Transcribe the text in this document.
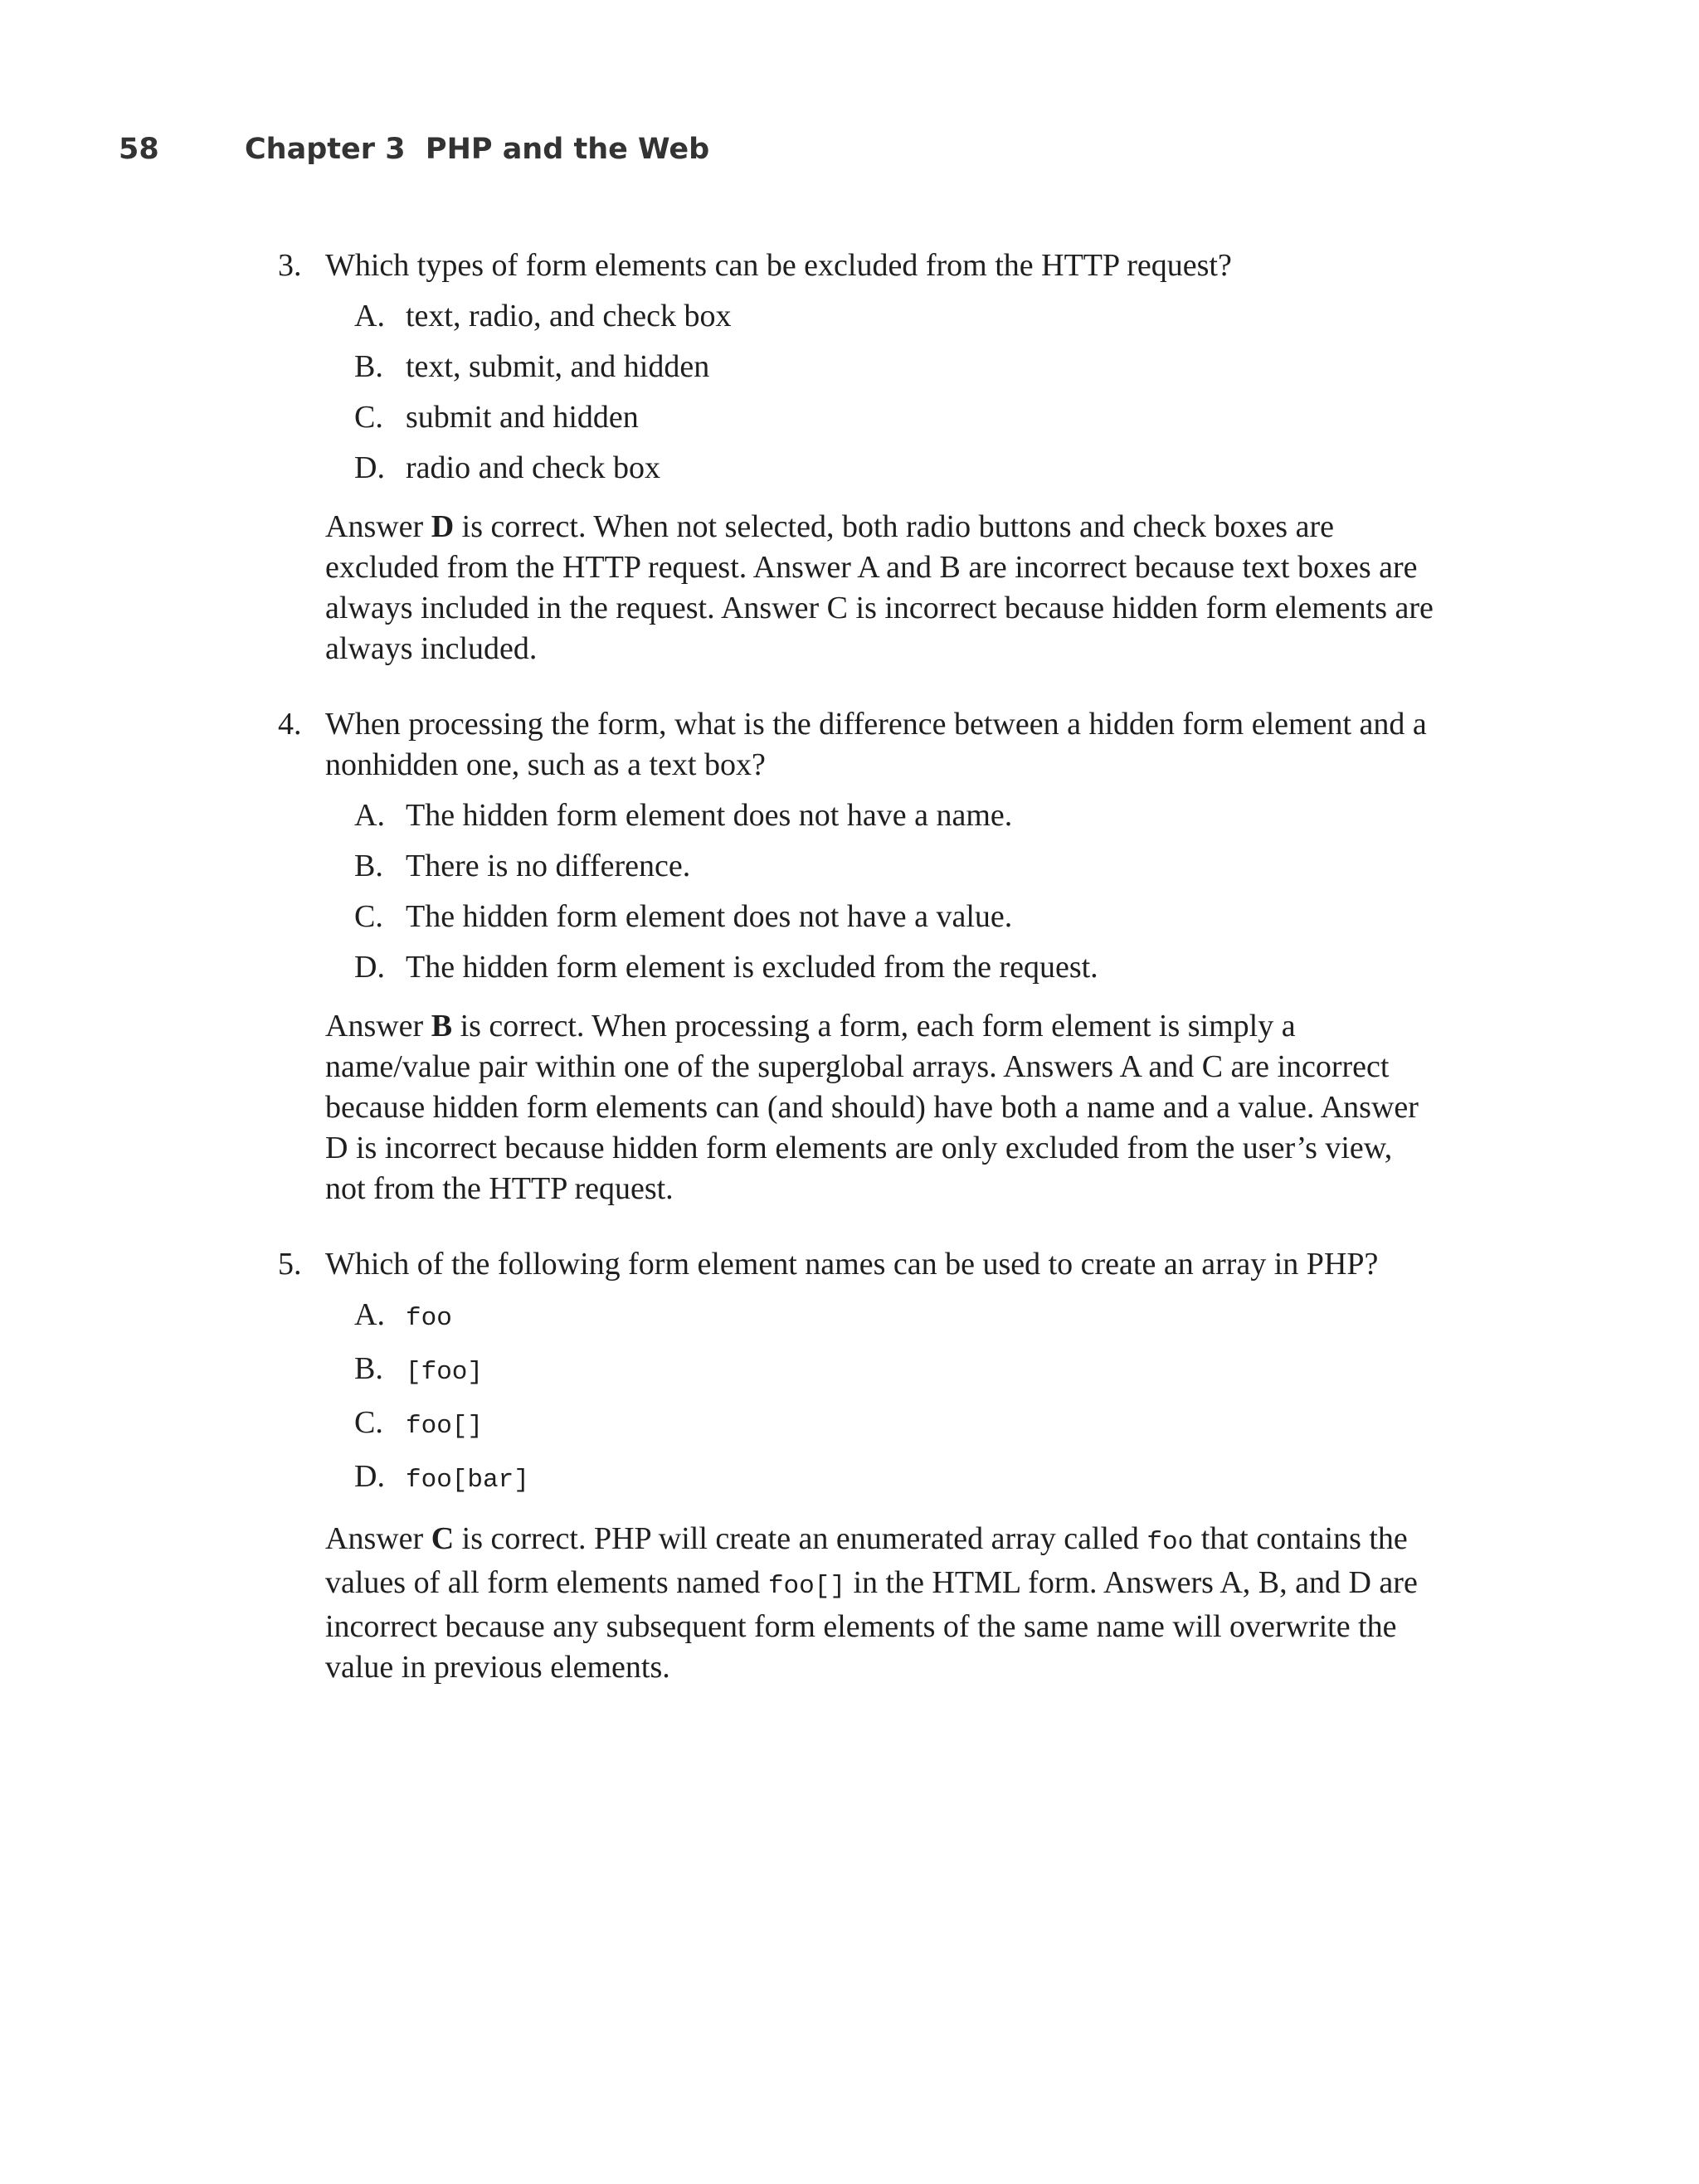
58	Chapter 3  PHP and the Web
3. Which types of form elements can be excluded from the HTTP request?
A. text, radio, and check box
B. text, submit, and hidden
C. submit and hidden
D. radio and check box
Answer D is correct. When not selected, both radio buttons and check boxes are excluded from the HTTP request. Answer A and B are incorrect because text boxes are always included in the request. Answer C is incorrect because hidden form elements are always included.
4. When processing the form, what is the difference between a hidden form element and a nonhidden one, such as a text box?
A. The hidden form element does not have a name.
B. There is no difference.
C. The hidden form element does not have a value.
D. The hidden form element is excluded from the request.
Answer B is correct. When processing a form, each form element is simply a name/value pair within one of the superglobal arrays. Answers A and C are incorrect because hidden form elements can (and should) have both a name and a value. Answer D is incorrect because hidden form elements are only excluded from the user’s view, not from the HTTP request.
5. Which of the following form element names can be used to create an array in PHP?
A. foo
B. [foo]
C. foo[]
D. foo[bar]
Answer C is correct. PHP will create an enumerated array called foo that contains the values of all form elements named foo[] in the HTML form. Answers A, B, and D are incorrect because any subsequent form elements of the same name will overwrite the value in previous elements.
